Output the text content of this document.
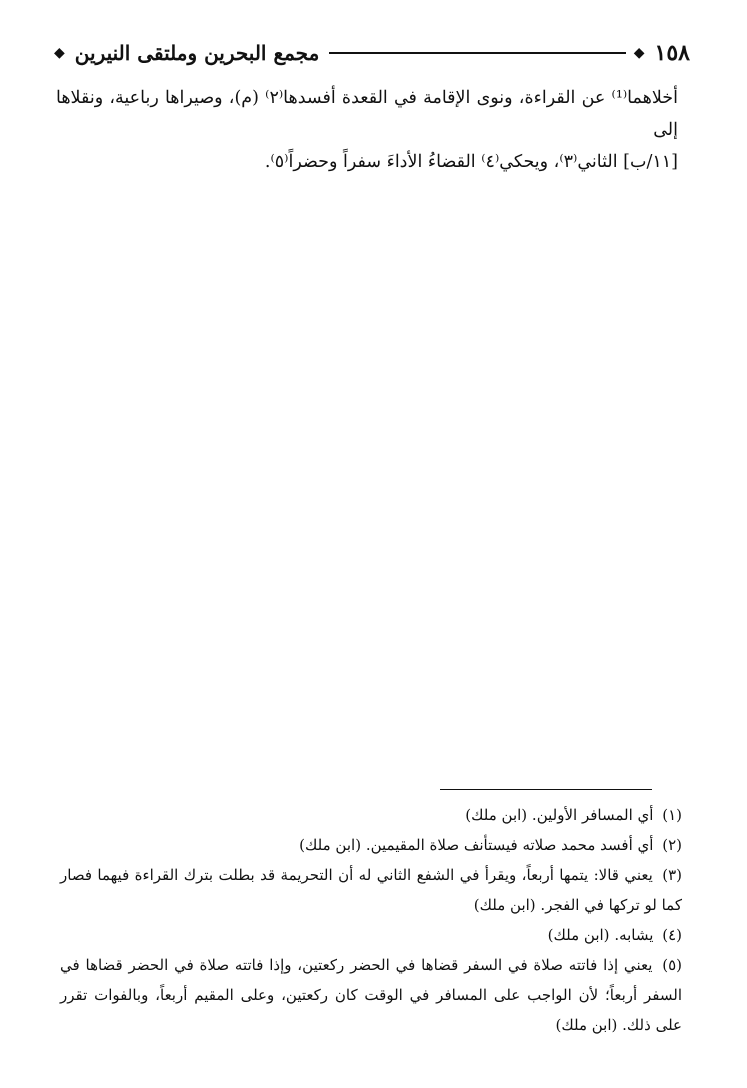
١٥٨
◆
مجمع البحرين وملتقى النيرين
◆

أخلاهما⁽¹⁾ عن القراءة، ونوى الإقامة في القعدة أفسدها⁽٢⁾ (م)، وصيراها رباعية، ونقلاها إلى

[١١/ب] الثاني⁽٣⁾، ويحكي⁽٤⁾ القضاءُ الأداءَ سفراً وحضراً⁽٥⁾.

(١) أي المسافر الأولين. (ابن ملك)

(٢) أي أفسد محمد صلاته فيستأنف صلاة المقيمين. (ابن ملك)

(٣) يعني قالا: يتمها أربعاً، ويقرأ في الشفع الثاني له أن التحريمة قد بطلت بترك القراءة فيهما فصار كما لو تركها في الفجر. (ابن ملك)

(٤) يشابه. (ابن ملك)

(٥) يعني إذا فاتته صلاة في السفر قضاها في الحضر ركعتين، وإذا فاتته صلاة في الحضر قضاها في السفر أربعاً؛ لأن الواجب على المسافر في الوقت كان ركعتين، وعلى المقيم أربعاً، وبالفوات تقرر على ذلك. (ابن ملك)
